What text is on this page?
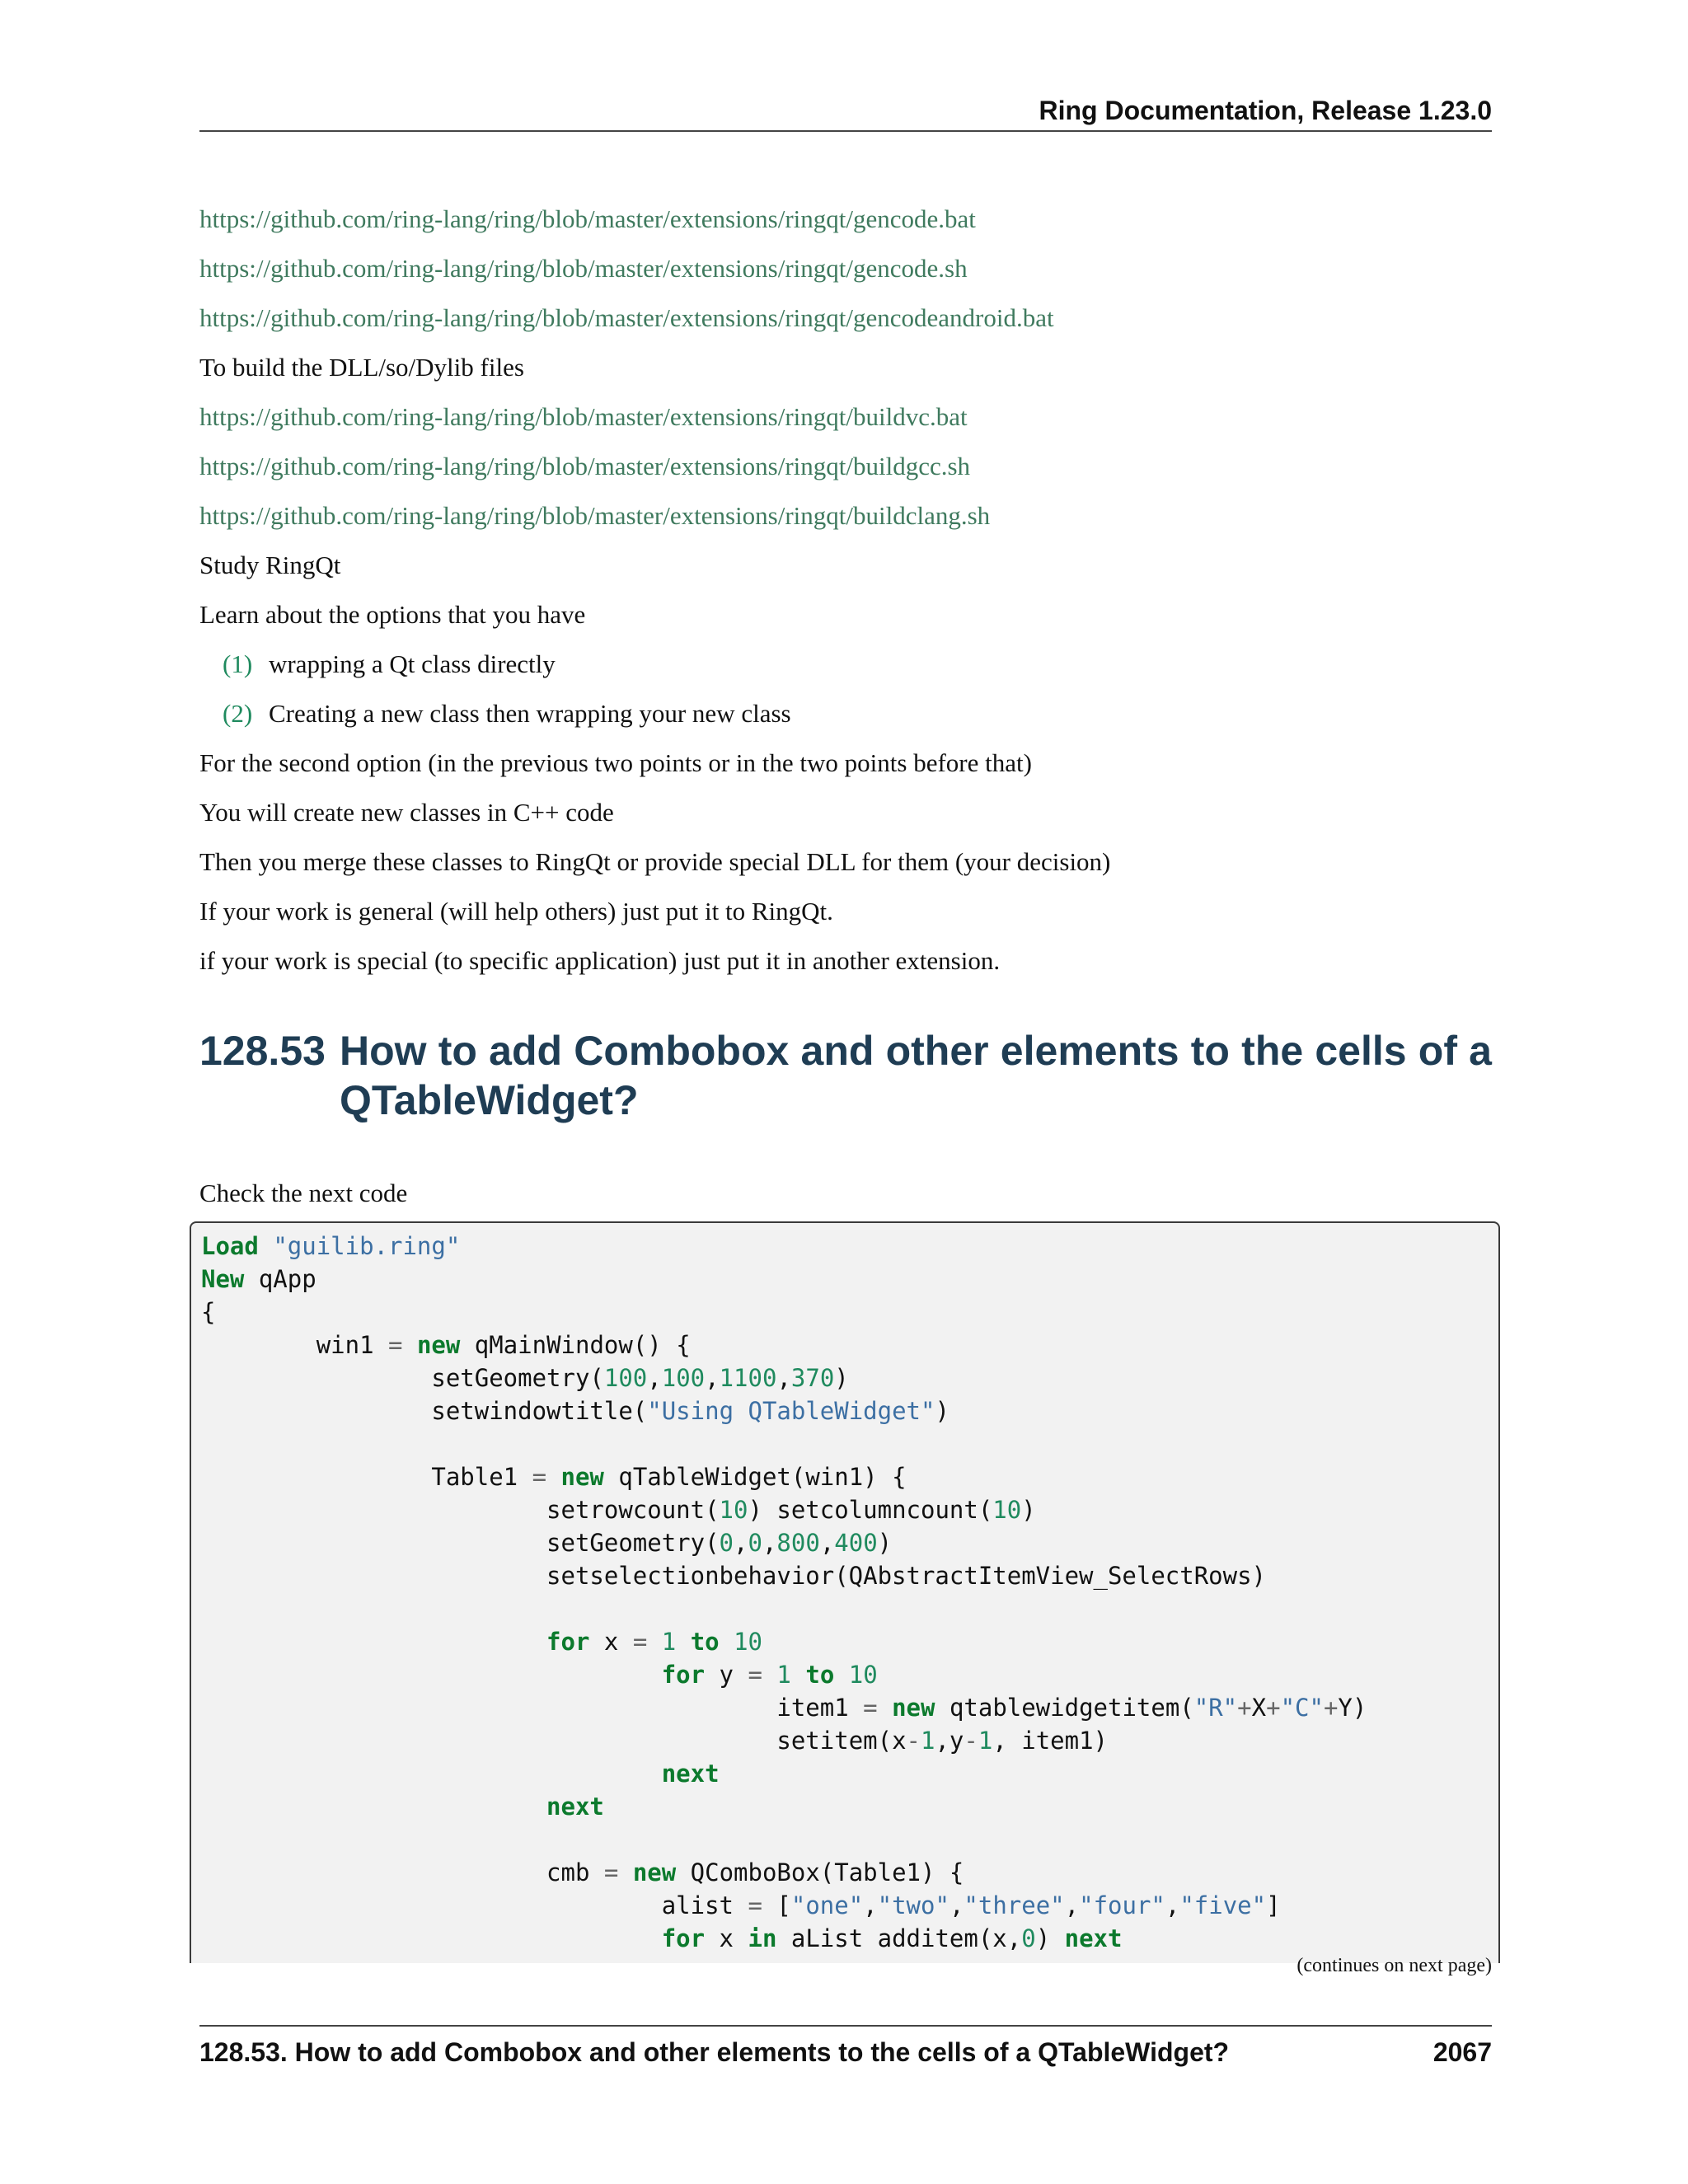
Ring Documentation, Release 1.23.0
https://github.com/ring-lang/ring/blob/master/extensions/ringqt/gencode.bat
https://github.com/ring-lang/ring/blob/master/extensions/ringqt/gencode.sh
https://github.com/ring-lang/ring/blob/master/extensions/ringqt/gencodeandroid.bat
To build the DLL/so/Dylib files
https://github.com/ring-lang/ring/blob/master/extensions/ringqt/buildvc.bat
https://github.com/ring-lang/ring/blob/master/extensions/ringqt/buildgcc.sh
https://github.com/ring-lang/ring/blob/master/extensions/ringqt/buildclang.sh
Study RingQt
Learn about the options that you have
(1) wrapping a Qt class directly
(2) Creating a new class then wrapping your new class
For the second option (in the previous two points or in the two points before that)
You will create new classes in C++ code
Then you merge these classes to RingQt or provide special DLL for them (your decision)
If your work is general (will help others) just put it to RingQt.
if your work is special (to specific application) just put it in another extension.
128.53 How to add Combobox and other elements to the cells of a QTableWidget?
Check the next code
Load "guilib.ring"
New qApp
{
	win1 = new qMainWindow() {
		setGeometry(100,100,1100,370)
		setwindowtitle("Using QTableWidget")

		Table1 = new qTableWidget(win1) {
			setrowcount(10) setcolumncount(10)
			setGeometry(0,0,800,400)
			setselectionbehavior(QAbstractItemView_SelectRows)

			for x = 1 to 10
				for y = 1 to 10
					item1 = new qtablewidgetitem("R"+X+"C"+Y)
					setitem(x-1,y-1, item1)
				next
			next

			cmb = new QComboBox(Table1) {
				alist = ["one","two","three","four","five"]
				for x in aList additem(x,0) next
(continues on next page)
128.53. How to add Combobox and other elements to the cells of a QTableWidget?	2067
